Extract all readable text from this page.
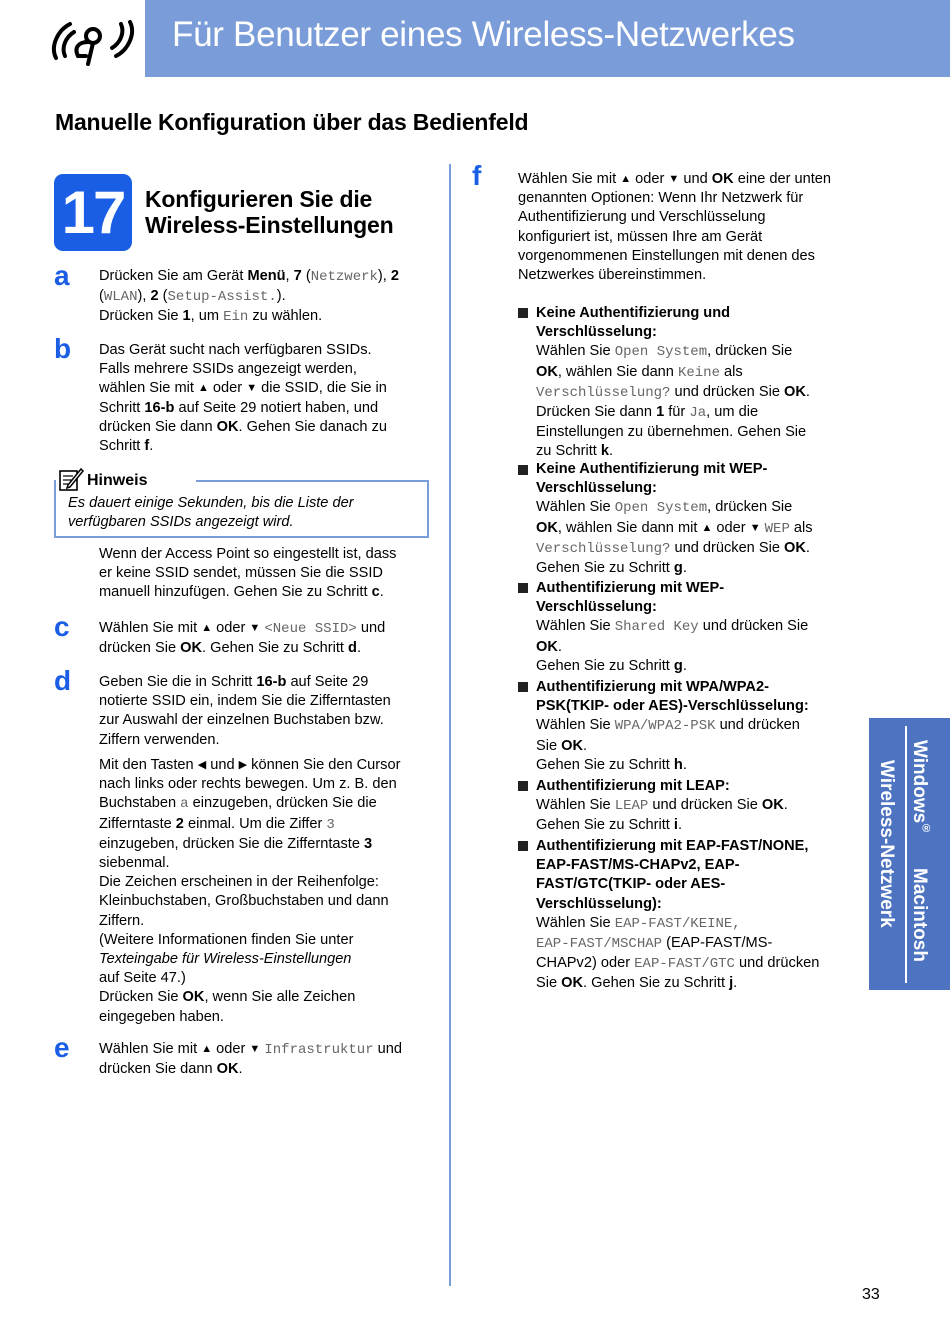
Für Benutzer eines Wireless-Netzwerkes
Manuelle Konfiguration über das Bedienfeld
17 Konfigurieren Sie die
Wireless-Einstellungen
a Drücken Sie am Gerät Menü, 7 (Netzwerk), 2
(WLAN), 2 (Setup-Assist.).
Drücken Sie 1, um Ein zu wählen.
b Das Gerät sucht nach verfügbaren SSIDs.
Falls mehrere SSIDs angezeigt werden,
wählen Sie mit ▲ oder ▼ die SSID, die Sie in
Schritt 16-b auf Seite 29 notiert haben, und
drücken Sie dann OK. Gehen Sie danach zu
Schritt f.
Hinweis
Es dauert einige Sekunden, bis die Liste der verfügbaren SSIDs angezeigt wird.
Wenn der Access Point so eingestellt ist, dass
er keine SSID sendet, müssen Sie die SSID
manuell hinzufügen. Gehen Sie zu Schritt c.
c Wählen Sie mit ▲ oder ▼ <Neue SSID> und
drücken Sie OK. Gehen Sie zu Schritt d.
d Geben Sie die in Schritt 16-b auf Seite 29
notierte SSID ein, indem Sie die Zifferntasten
zur Auswahl der einzelnen Buchstaben bzw.
Ziffern verwenden.
Mit den Tasten ◀ und ▶ können Sie den Cursor
nach links oder rechts bewegen. Um z. B. den
Buchstaben a einzugeben, drücken Sie die
Zifferntaste 2 einmal. Um die Ziffer 3
einzugeben, drücken Sie die Zifferntaste 3
siebenmal.
Die Zeichen erscheinen in der Reihenfolge:
Kleinbuchstaben, Großbuchstaben und dann
Ziffern.
(Weitere Informationen finden Sie unter
Texteingabe für Wireless-Einstellungen
auf Seite 47.)
Drücken Sie OK, wenn Sie alle Zeichen
eingegeben haben.
e Wählen Sie mit ▲ oder ▼ Infrastruktur und
drücken Sie dann OK.
f	Wählen Sie mit ▲ oder ▼ und OK eine der unten
genannten Optionen: Wenn Ihr Netzwerk für
Authentifizierung und Verschlüsselung
konfiguriert ist, müssen Ihre am Gerät
vorgenommenen Einstellungen mit denen des
Netzwerkes übereinstimmen.
Keine Authentifizierung und
Verschlüsselung:
Wählen Sie Open System, drücken Sie
OK, wählen Sie dann Keine als
Verschlüsselung? und drücken Sie OK.
Drücken Sie dann 1 für Ja, um die
Einstellungen zu übernehmen. Gehen Sie
zu Schritt k.
Keine Authentifizierung mit WEP-
Verschlüsselung:
Wählen Sie Open System, drücken Sie
OK, wählen Sie dann mit ▲ oder ▼ WEP als
Verschlüsselung? und drücken Sie OK.
Gehen Sie zu Schritt g.
Authentifizierung mit WEP-
Verschlüsselung:
Wählen Sie Shared Key und drücken Sie
OK.
Gehen Sie zu Schritt g.
Authentifizierung mit WPA/WPA2-
PSK(TKIP- oder AES)-Verschlüsselung:
Wählen Sie WPA/WPA2-PSK und drücken
Sie OK.
Gehen Sie zu Schritt h.
Authentifizierung mit LEAP:
Wählen Sie LEAP und drücken Sie OK.
Gehen Sie zu Schritt i.
Authentifizierung mit EAP-FAST/NONE,
EAP-FAST/MS-CHAPv2, EAP-
FAST/GTC(TKIP- oder AES-
Verschlüsselung):
Wählen Sie EAP-FAST/KEINE,
EAP-FAST/MSCHAP (EAP-FAST/MS-
CHAPv2) oder EAP-FAST/GTC und drücken
Sie OK. Gehen Sie zu Schritt j.
Windows®
Macintosh
Wireless-Netzwerk
33
